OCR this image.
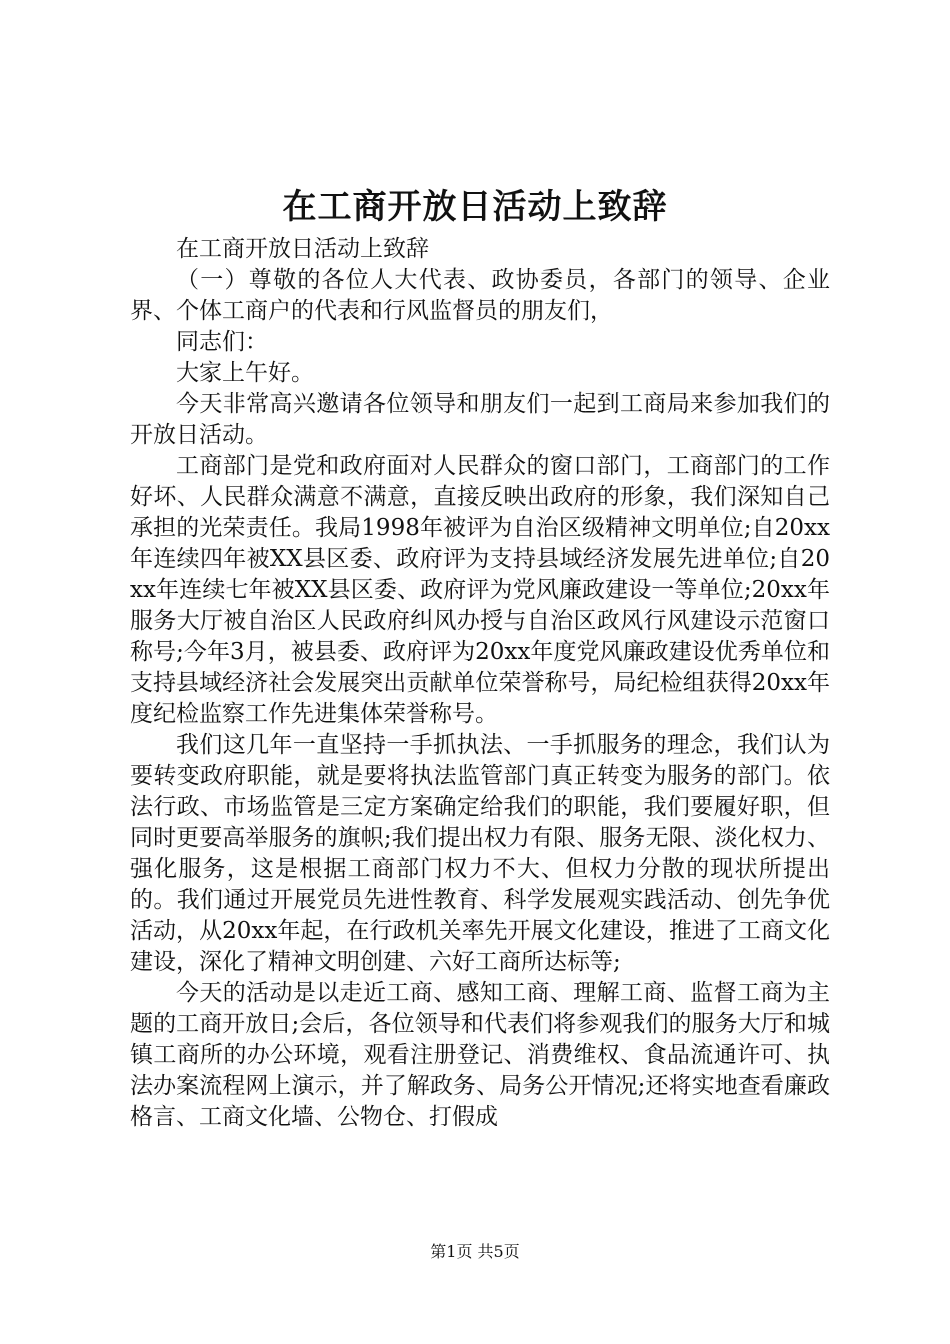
在工商开放日活动上致辞

在工商开放日活动上致辞

（一）尊敬的各位人大代表、政协委员，各部门的领导、企业界、个体工商户的代表和行风监督员的朋友们，

同志们：

大家上午好。

今天非常高兴邀请各位领导和朋友们一起到工商局来参加我们的开放日活动。

工商部门是党和政府面对人民群众的窗口部门，工商部门的工作好坏、人民群众满意不满意，直接反映出政府的形象，我们深知自己承担的光荣责任。我局1998年被评为自治区级精神文明单位;自20xx年连续四年被XX县区委、政府评为支持县域经济发展先进单位;自20xx年连续七年被XX县区委、政府评为党风廉政建设一等单位;20xx年服务大厅被自治区人民政府纠风办授与自治区政风行风建设示范窗口称号;今年3月，被县委、政府评为20xx年度党风廉政建设优秀单位和支持县域经济社会发展突出贡献单位荣誉称号，局纪检组获得20xx年度纪检监察工作先进集体荣誉称号。

我们这几年一直坚持一手抓执法、一手抓服务的理念，我们认为要转变政府职能，就是要将执法监管部门真正转变为服务的部门。依法行政、市场监管是三定方案确定给我们的职能，我们要履好职，但同时更要高举服务的旗帜;我们提出权力有限、服务无限、淡化权力、强化服务，这是根据工商部门权力不大、但权力分散的现状所提出的。我们通过开展党员先进性教育、科学发展观实践活动、创先争优活动，从20xx年起，在行政机关率先开展文化建设，推进了工商文化建设，深化了精神文明创建、六好工商所达标等;

今天的活动是以走近工商、感知工商、理解工商、监督工商为主题的工商开放日;会后，各位领导和代表们将参观我们的服务大厅和城镇工商所的办公环境，观看注册登记、消费维权、食品流通许可、执法办案流程网上演示，并了解政务、局务公开情况;还将实地查看廉政格言、工商文化墙、公物仓、打假成

第1页 共5页
